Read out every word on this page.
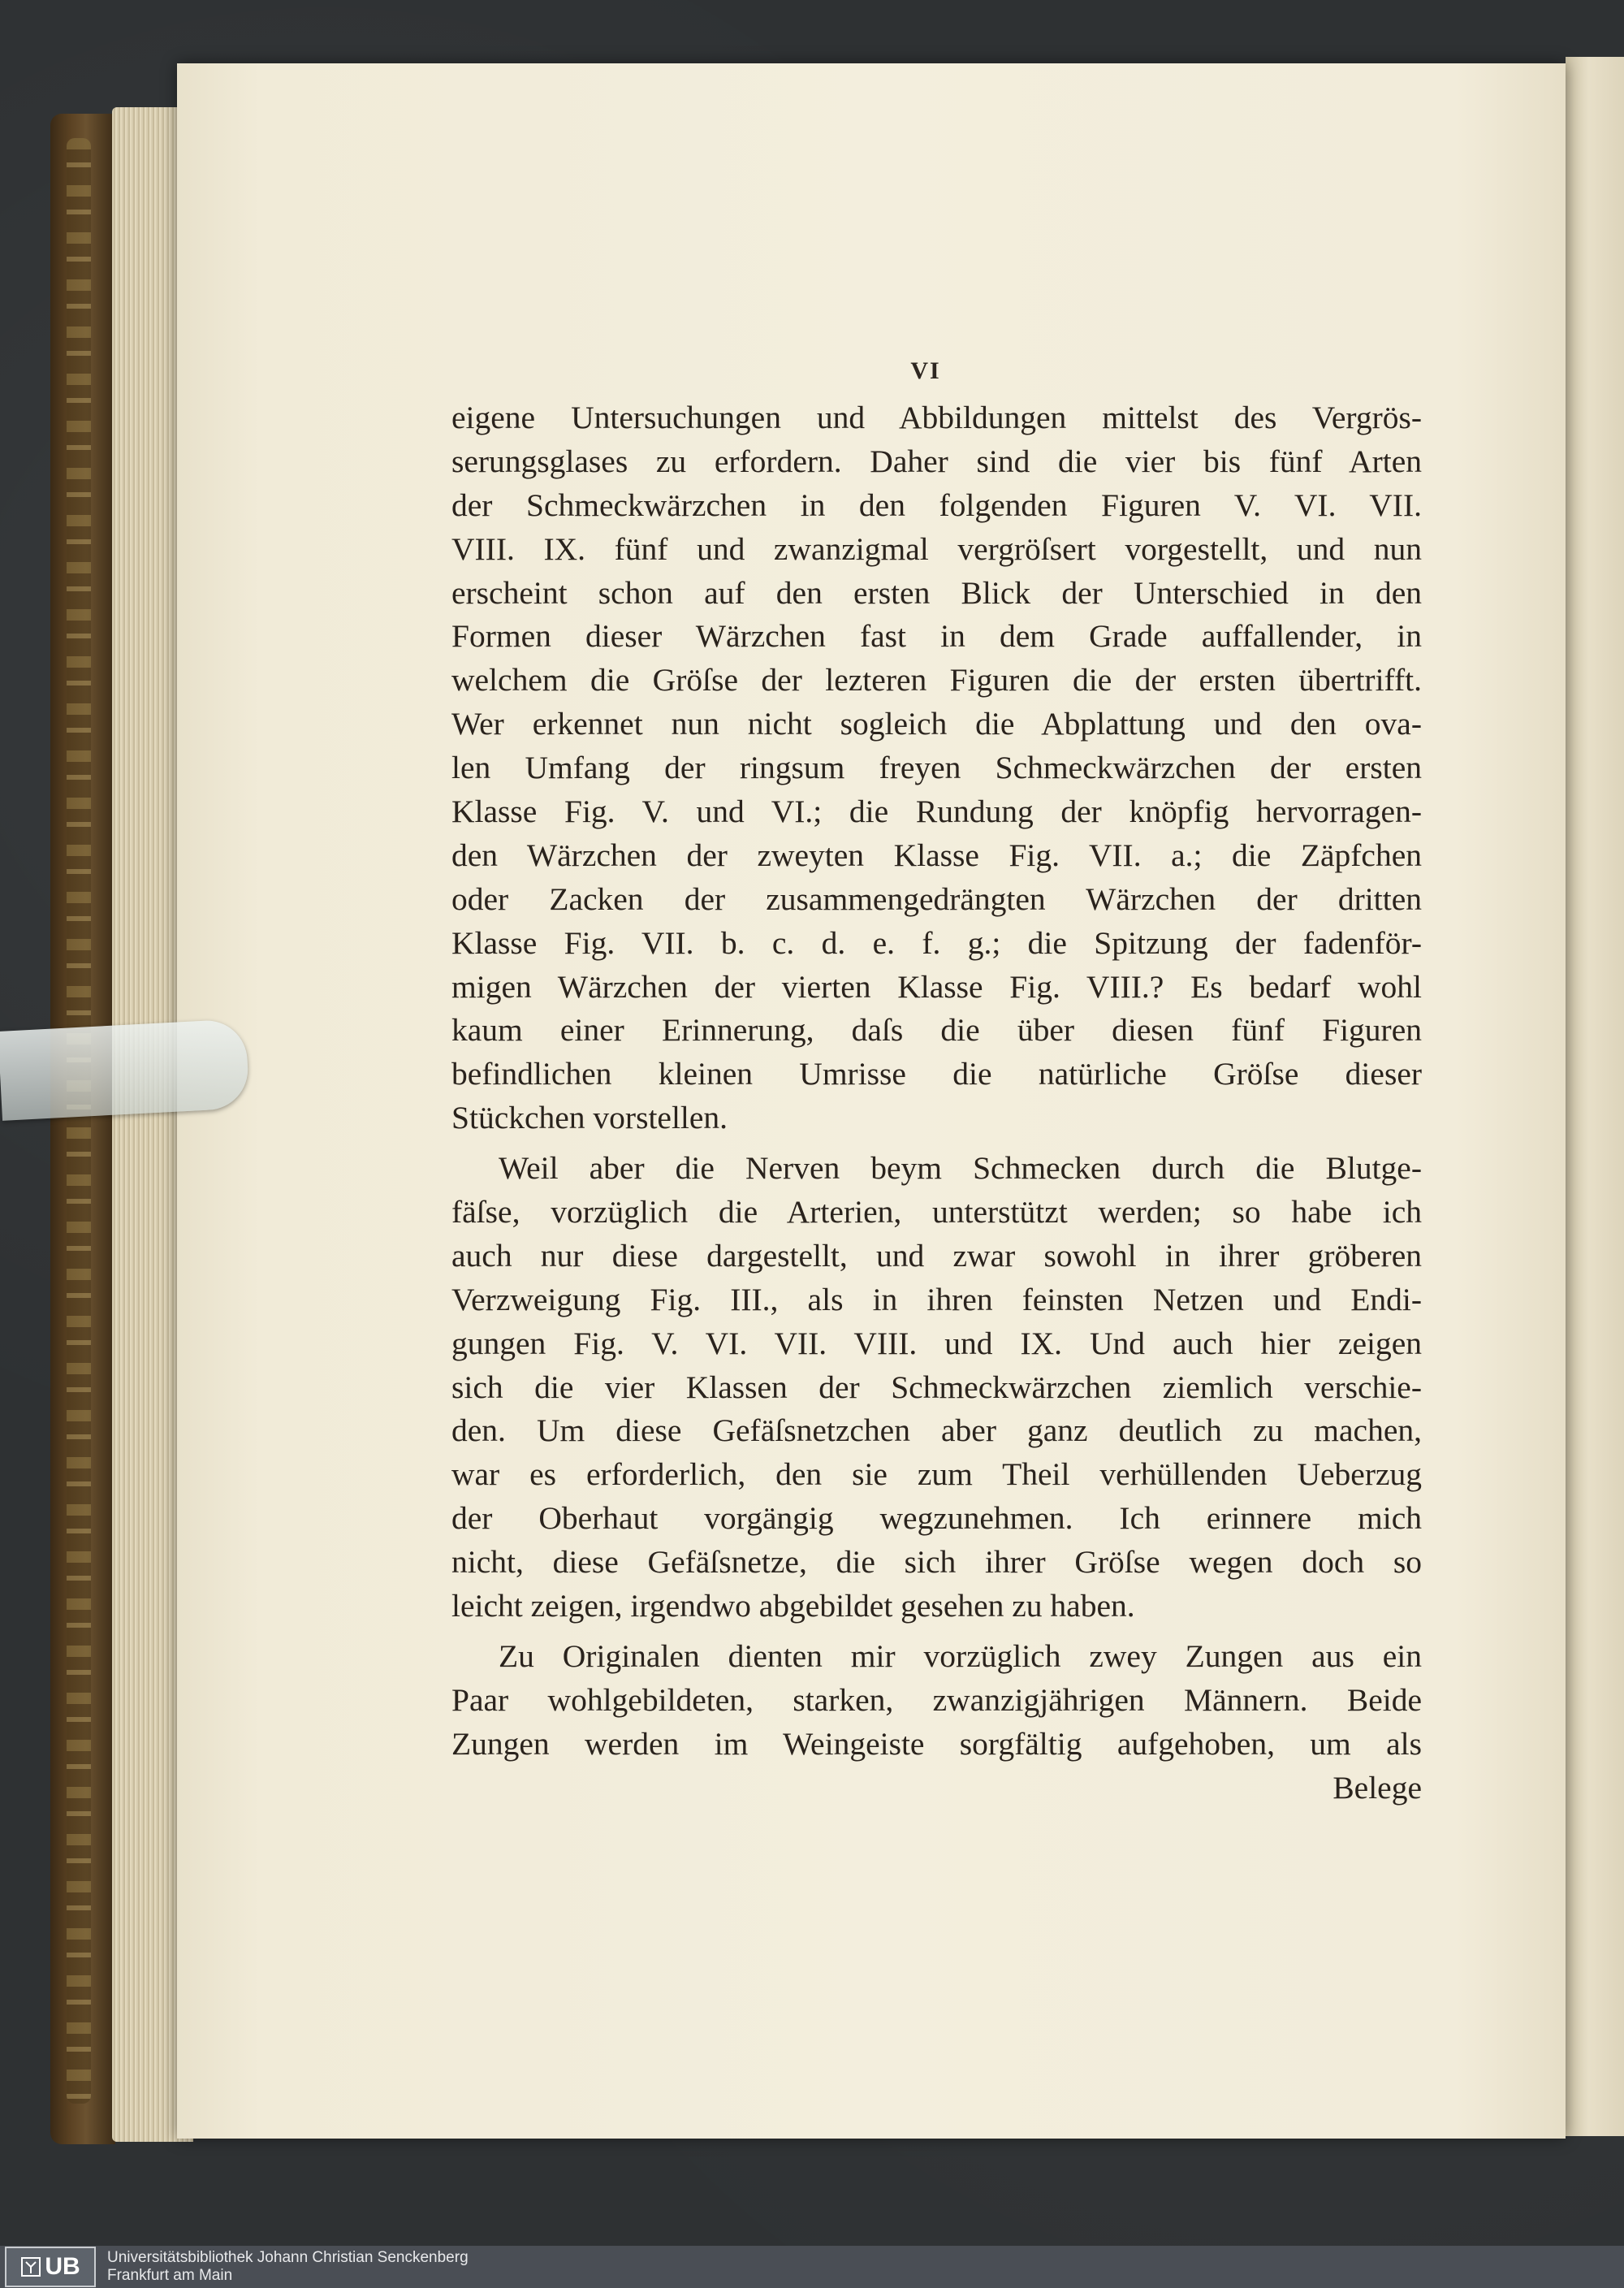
VI
eigene Untersuchungen und Abbildungen mittelst des Vergrös-
serungsglases zu erfordern. Daher sind die vier bis fünf Arten
der Schmeckwärzchen in den folgenden Figuren V. VI. VII.
VIII. IX. fünf und zwanzigmal vergröſsert vorgestellt, und nun
erscheint schon auf den ersten Blick der Unterschied in den
Formen dieser Wärzchen fast in dem Grade auffallender, in
welchem die Gröſse der lezteren Figuren die der ersten übertrifft.
Wer erkennet nun nicht sogleich die Abplattung und den ova-
len Umfang der ringsum freyen Schmeckwärzchen der ersten
Klasse Fig. V. und VI.; die Rundung der knöpfig hervorragen-
den Wärzchen der zweyten Klasse Fig. VII. a.; die Zäpfchen
oder Zacken der zusammengedrängten Wärzchen der dritten
Klasse Fig. VII. b. c. d. e. f. g.; die Spitzung der fadenför-
migen Wärzchen der vierten Klasse Fig. VIII.? Es bedarf wohl
kaum einer Erinnerung, daſs die über diesen fünf Figuren
befindlichen kleinen Umrisse die natürliche Gröſse dieser
Stückchen vorstellen.
Weil aber die Nerven beym Schmecken durch die Blutge-
fäſse, vorzüglich die Arterien, unterstützt werden; so habe ich
auch nur diese dargestellt, und zwar sowohl in ihrer gröberen
Verzweigung Fig. III., als in ihren feinsten Netzen und Endi-
gungen Fig. V. VI. VII. VIII. und IX. Und auch hier zeigen
sich die vier Klassen der Schmeckwärzchen ziemlich verschie-
den. Um diese Gefäſsnetzchen aber ganz deutlich zu machen,
war es erforderlich, den sie zum Theil verhüllenden Ueberzug
der Oberhaut vorgängig wegzunehmen. Ich erinnere mich
nicht, diese Gefäſsnetze, die sich ihrer Gröſse wegen doch so
leicht zeigen, irgendwo abgebildet gesehen zu haben.
Zu Originalen dienten mir vorzüglich zwey Zungen aus ein
Paar wohlgebildeten, starken, zwanzigjährigen Männern. Beide
Zungen werden im Weingeiste sorgfältig aufgehoben, um als
Belege
UB Universitätsbibliothek Johann Christian Senckenberg
Frankfurt am Main
